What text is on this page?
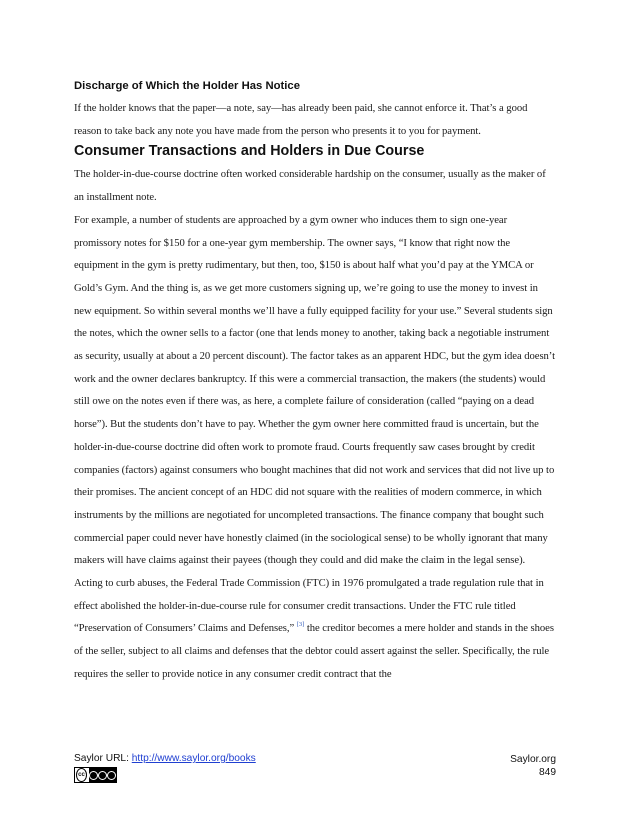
Discharge of Which the Holder Has Notice

If the holder knows that the paper—a note, say—has already been paid, she cannot enforce it. That’s a good reason to take back any note you have made from the person who presents it to you for payment.

Consumer Transactions and Holders in Due Course

The holder-in-due-course doctrine often worked considerable hardship on the consumer, usually as the maker of an installment note.

For example, a number of students are approached by a gym owner who induces them to sign one-year promissory notes for $150 for a one-year gym membership. The owner says, “I know that right now the equipment in the gym is pretty rudimentary, but then, too, $150 is about half what you’d pay at the YMCA or Gold’s Gym. And the thing is, as we get more customers signing up, we’re going to use the money to invest in new equipment. So within several months we’ll have a fully equipped facility for your use.” Several students sign the notes, which the owner sells to a factor (one that lends money to another, taking back a negotiable instrument as security, usually at about a 20 percent discount). The factor takes as an apparent HDC, but the gym idea doesn’t work and the owner declares bankruptcy. If this were a commercial transaction, the makers (the students) would still owe on the notes even if there was, as here, a complete failure of consideration (called “paying on a dead horse”). But the students don’t have to pay. Whether the gym owner here committed fraud is uncertain, but the holder-in-due-course doctrine did often work to promote fraud. Courts frequently saw cases brought by credit companies (factors) against consumers who bought machines that did not work and services that did not live up to their promises. The ancient concept of an HDC did not square with the realities of modern commerce, in which instruments by the millions are negotiated for uncompleted transactions. The finance company that bought such commercial paper could never have honestly claimed (in the sociological sense) to be wholly ignorant that many makers will have claims against their payees (though they could and did make the claim in the legal sense).

Acting to curb abuses, the Federal Trade Commission (FTC) in 1976 promulgated a trade regulation rule that in effect abolished the holder-in-due-course rule for consumer credit transactions. Under the FTC rule titled “Preservation of Consumers’ Claims and Defenses,” [3] the creditor becomes a mere holder and stands in the shoes of the seller, subject to all claims and defenses that the debtor could assert against the seller. Specifically, the rule requires the seller to provide notice in any consumer credit contract that the

Saylor URL: http://www.saylor.org/books	Saylor.org
849
cc
